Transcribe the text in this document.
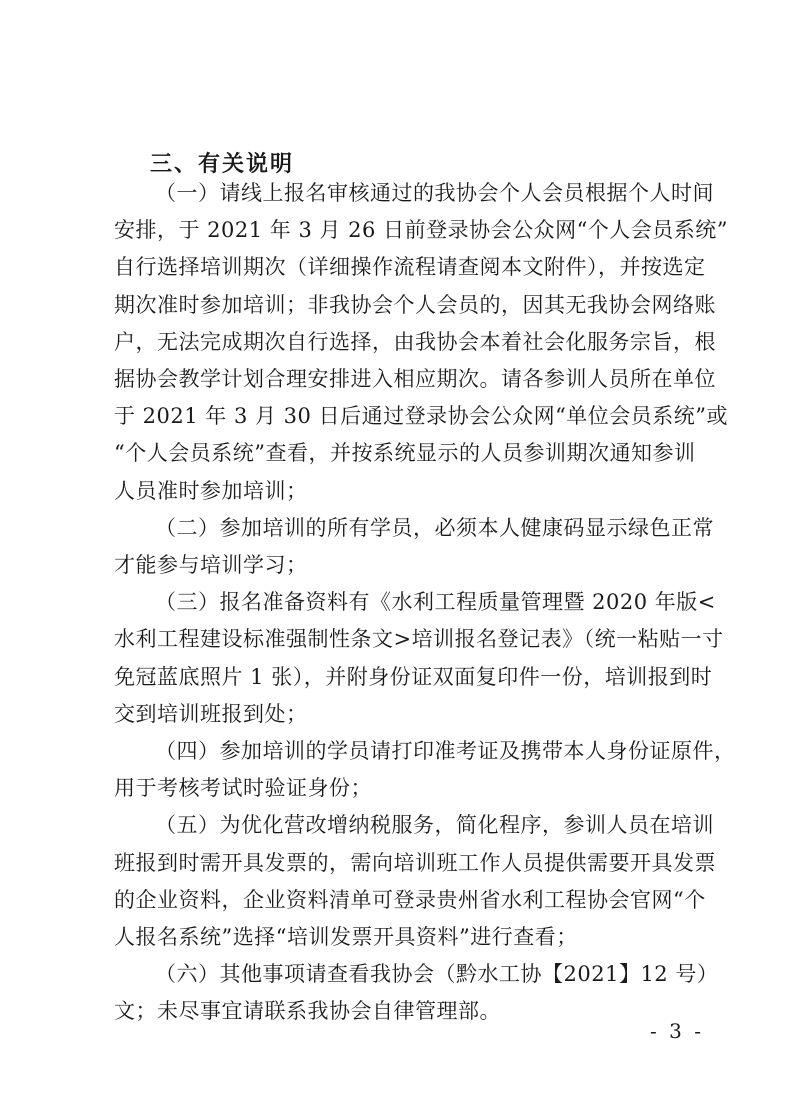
三、有关说明
（一）请线上报名审核通过的我协会个人会员根据个人时间
安排，于 2021 年 3 月 26 日前登录协会公众网“个人会员系统”
自行选择培训期次（详细操作流程请查阅本文附件），并按选定
期次准时参加培训；非我协会个人会员的，因其无我协会网络账
户，无法完成期次自行选择，由我协会本着社会化服务宗旨，根
据协会教学计划合理安排进入相应期次。请各参训人员所在单位
于 2021 年 3 月 30 日后通过登录协会公众网“单位会员系统”或
“个人会员系统”查看，并按系统显示的人员参训期次通知参训
人员准时参加培训；
（二）参加培训的所有学员，必须本人健康码显示绿色正常
才能参与培训学习；
（三）报名准备资料有《水利工程质量管理暨 2020 年版<
水利工程建设标准强制性条文>培训报名登记表》（统一粘贴一寸
免冠蓝底照片 1 张），并附身份证双面复印件一份，培训报到时
交到培训班报到处；
（四）参加培训的学员请打印准考证及携带本人身份证原件，
用于考核考试时验证身份；
（五）为优化营改增纳税服务，简化程序，参训人员在培训
班报到时需开具发票的，需向培训班工作人员提供需要开具发票
的企业资料，企业资料清单可登录贵州省水利工程协会官网“个
人报名系统”选择“培训发票开具资料”进行查看；
（六）其他事项请查看我协会（黔水工协【2021】12 号）
文；未尽事宜请联系我协会自律管理部。
- 3 -
